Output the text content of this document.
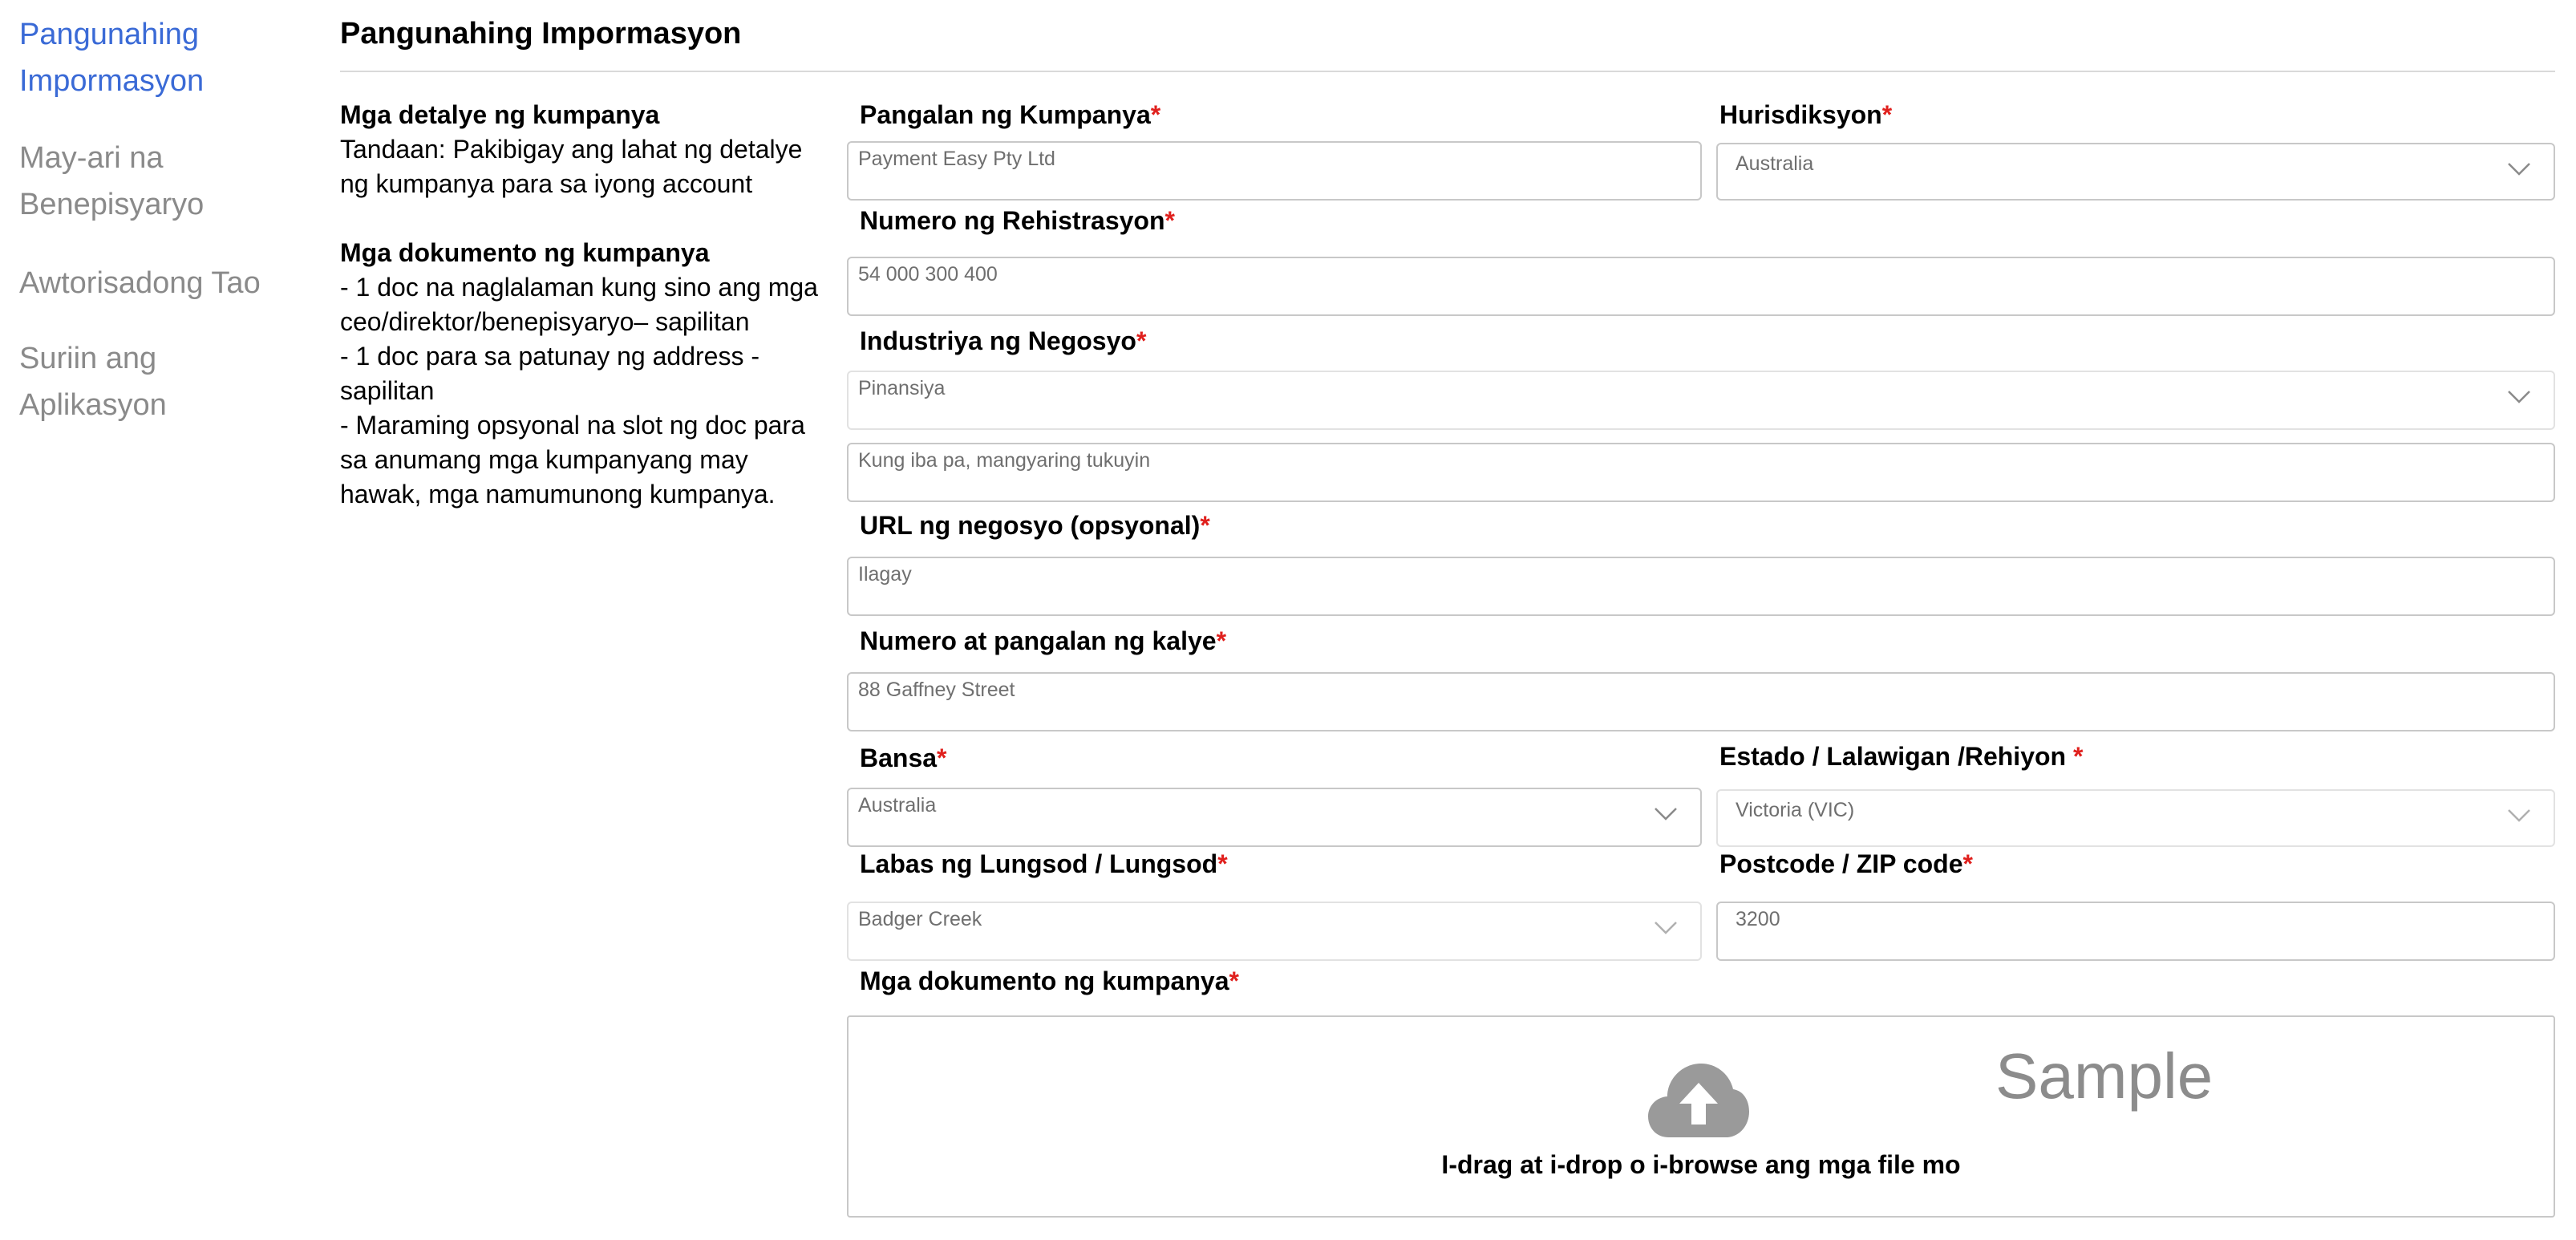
Pangunahing Impormasyon
May-ari na Benepisyaryo
Awtorisadong Tao
Suriin ang Aplikasyon
Pangunahing Impormasyon

Mga detalye ng kumpanya

Tandaan: Pakibigay ang lahat ng detalye ng kumpanya para sa iyong account

Mga dokumento ng kumpanya

- 1 doc na naglalaman kung sino ang mga ceo/direktor/benepisyaryo– sapilitan

- 1 doc para sa patunay ng address - sapilitan

- Maraming opsyonal na slot ng doc para sa anumang mga kumpanyang may hawak, mga namumunong kumpanya.

Pangalan ng Kumpanya*	Hurisdiksyon*
Payment Easy Pty Ltd	Australia
Numero ng Rehistrasyon*
54 000 300 400
Industriya ng Negosyo*
Pinansiya
Kung iba pa, mangyaring tukuyin
URL ng negosyo (opsyonal)*
Ilagay
Numero at pangalan ng kalye*
88 Gaffney Street
Bansa*	Estado / Lalawigan /Rehiyon *
Australia	Victoria (VIC)
Labas ng Lungsod / Lungsod*	Postcode / ZIP code*
Badger Creek	3200
Mga dokumento ng kumpanya*
Sample
I-drag at i-drop o i-browse ang mga file mo
